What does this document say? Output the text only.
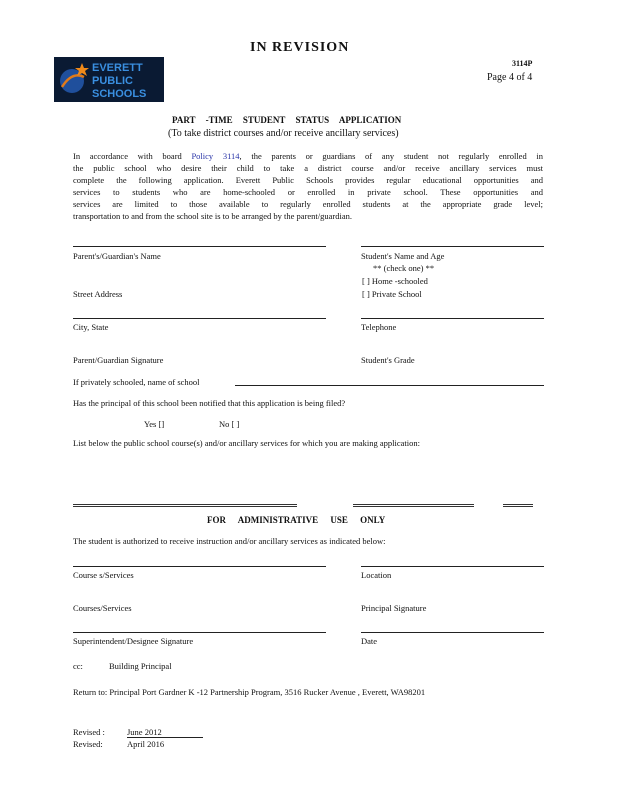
IN REVISION
3114P
Page 4 of 4
EVERETT
PUBLIC
SCHOOLS
PART -TIME STUDENT STATUS APPLICATION
(To take district courses and/or receive ancillary services)
In accordance with board Policy 3114, the parents or guardians of any student not regularly enrolled in
the public school who desire their child to take a district course and/or receive ancillary services must
complete the following application. Everett Public Schools provides regular educational opportunities and
services to students who are home-schooled or enrolled in private school. These opportunities and
services are limited to those available to regularly enrolled students at the appropriate grade level;
transportation to and from the school site is to be arranged by the parent/guardian.
Parent's/Guardian's Name	Student's Name and Age
** (check one) **
[ ] Home -schooled
[ ] Private School
Street Address
City, State	Telephone
Parent/Guardian Signature	Student's Grade
If privately schooled, name of school
Has the principal of this school been notified that this application is being filed?
Yes []	No [ ]
List below the public school course(s) and/or ancillary services for which you are making application:
FOR ADMINISTRATIVE USE ONLY
The student is authorized to receive instruction and/or ancillary services as indicated below:
Course s/Services	Location
Courses/Services	Principal Signature
Superintendent/Designee Signature	Date
cc:	Building Principal
Return to: Principal Port Gardner K -12 Partnership Program, 3516 Rucker Avenue , Everett, WA98201
Revised :	June 2012
Revised:	April 2016
